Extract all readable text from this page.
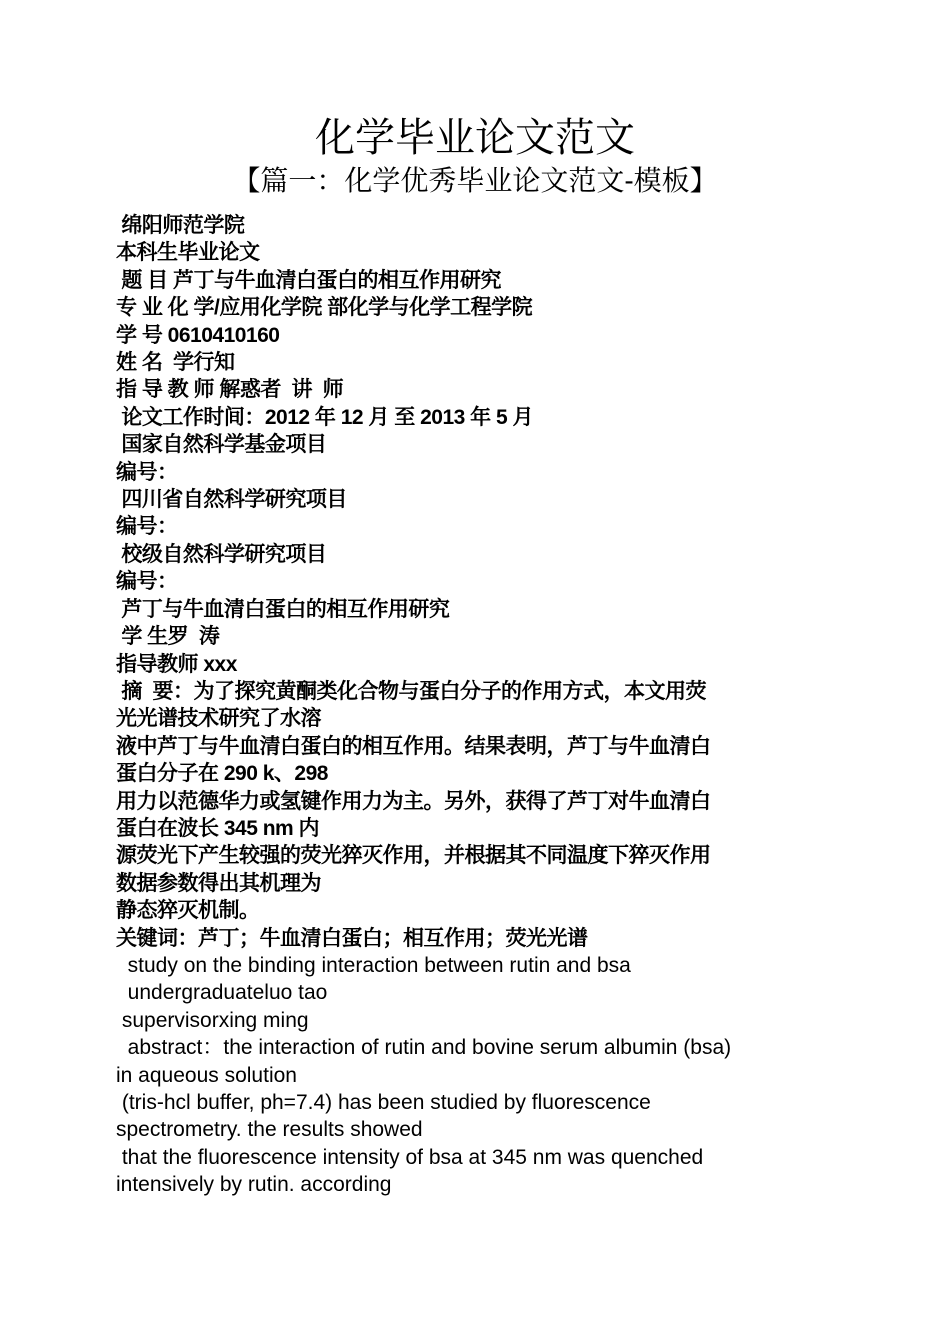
化学毕业论文范文
【篇一：化学优秀毕业论文范文-模板】

绵阳师范学院

本科生毕业论文

题 目 芦丁与牛血清白蛋白的相互作用研究

专 业 化 学/应用化学院 部化学与化学工程学院

学 号 0610410160

姓 名  学行知

指 导 教 师 解惑者  讲  师

论文工作时间：2012 年 12 月 至 2013 年 5 月

国家自然科学基金项目

编号：

四川省自然科学研究项目

编号：

校级自然科学研究项目

编号：

芦丁与牛血清白蛋白的相互作用研究

学 生罗  涛

指导教师 xxx

摘  要：为了探究黄酮类化合物与蛋白分子的作用方式，本文用荧

光光谱技术研究了水溶

液中芦丁与牛血清白蛋白的相互作用。结果表明，芦丁与牛血清白

蛋白分子在 290 k、298

用力以范德华力或氢键作用力为主。另外，获得了芦丁对牛血清白

蛋白在波长 345 nm 内

源荧光下产生较强的荧光猝灭作用，并根据其不同温度下猝灭作用

数据参数得出其机理为

静态猝灭机制。

关键词：芦丁；牛血清白蛋白；相互作用；荧光光谱

study on the binding interaction between rutin and bsa

undergraduateluo tao

supervisorxing ming

abstract：the interaction of rutin and bovine serum albumin (bsa)

in aqueous solution

(tris-hcl buffer, ph=7.4) has been studied by fluorescence

spectrometry. the results showed

that the fluorescence intensity of bsa at 345 nm was quenched

intensively by rutin. according
